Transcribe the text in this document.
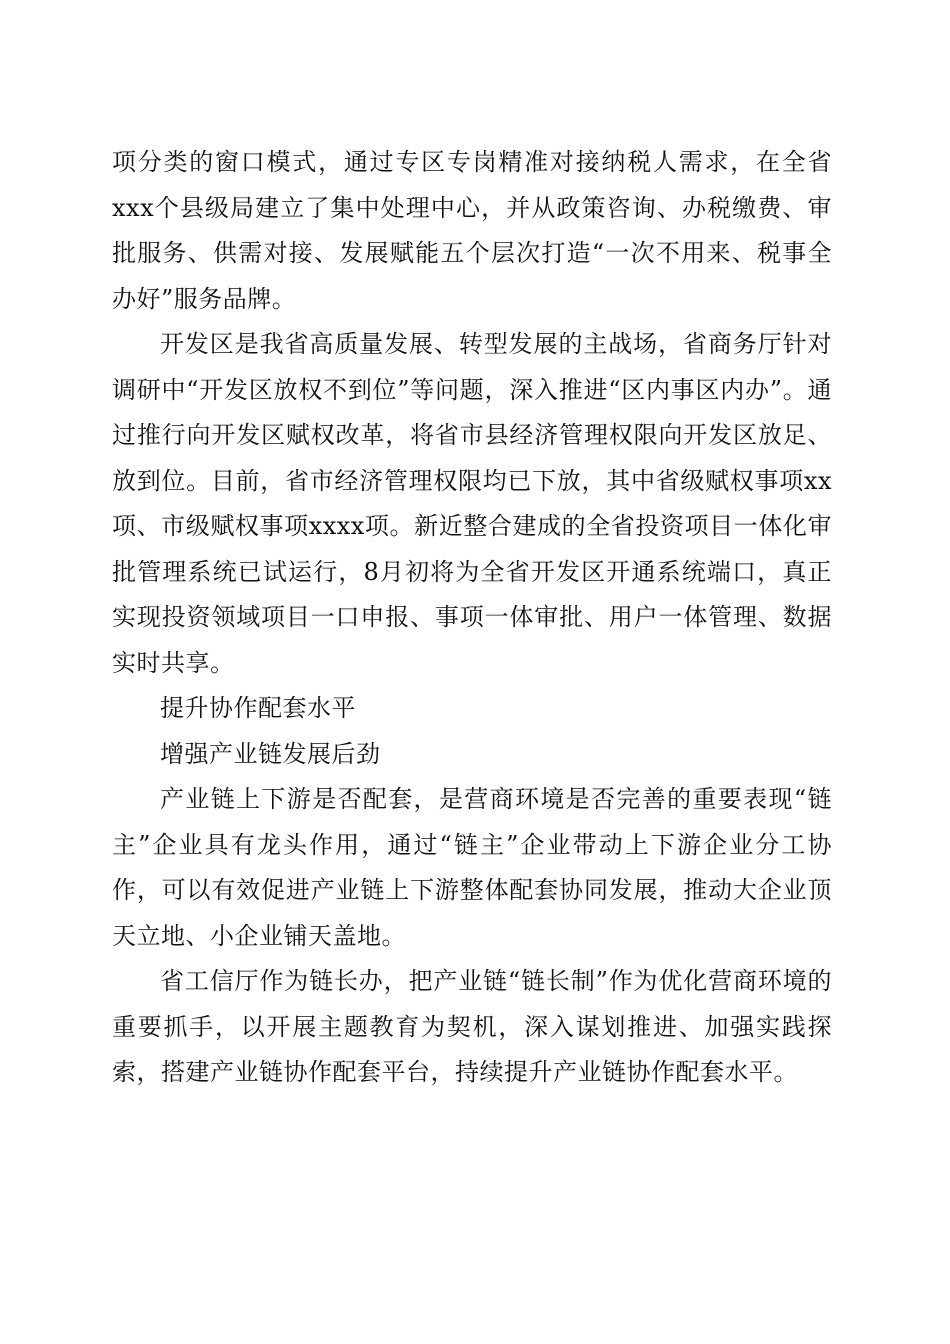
项分类的窗口模式，通过专区专岗精准对接纳税人需求，在全省xxx个县级局建立了集中处理中心，并从政策咨询、办税缴费、审批服务、供需对接、发展赋能五个层次打造“一次不用来、税事全办好”服务品牌。

开发区是我省高质量发展、转型发展的主战场，省商务厅针对调研中“开发区放权不到位”等问题，深入推进“区内事区内办”。通过推行向开发区赋权改革，将省市县经济管理权限向开发区放足、放到位。目前，省市经济管理权限均已下放，其中省级赋权事项xx项、市级赋权事项xxxx项。新近整合建成的全省投资项目一体化审批管理系统已试运行，8月初将为全省开发区开通系统端口，真正实现投资领域项目一口申报、事项一体审批、用户一体管理、数据实时共享。

提升协作配套水平

增强产业链发展后劲

产业链上下游是否配套，是营商环境是否完善的重要表现“链主”企业具有龙头作用，通过“链主”企业带动上下游企业分工协作，可以有效促进产业链上下游整体配套协同发展，推动大企业顶天立地、小企业铺天盖地。

省工信厅作为链长办，把产业链“链长制”作为优化营商环境的重要抓手，以开展主题教育为契机，深入谋划推进、加强实践探索，搭建产业链协作配套平台，持续提升产业链协作配套水平。
